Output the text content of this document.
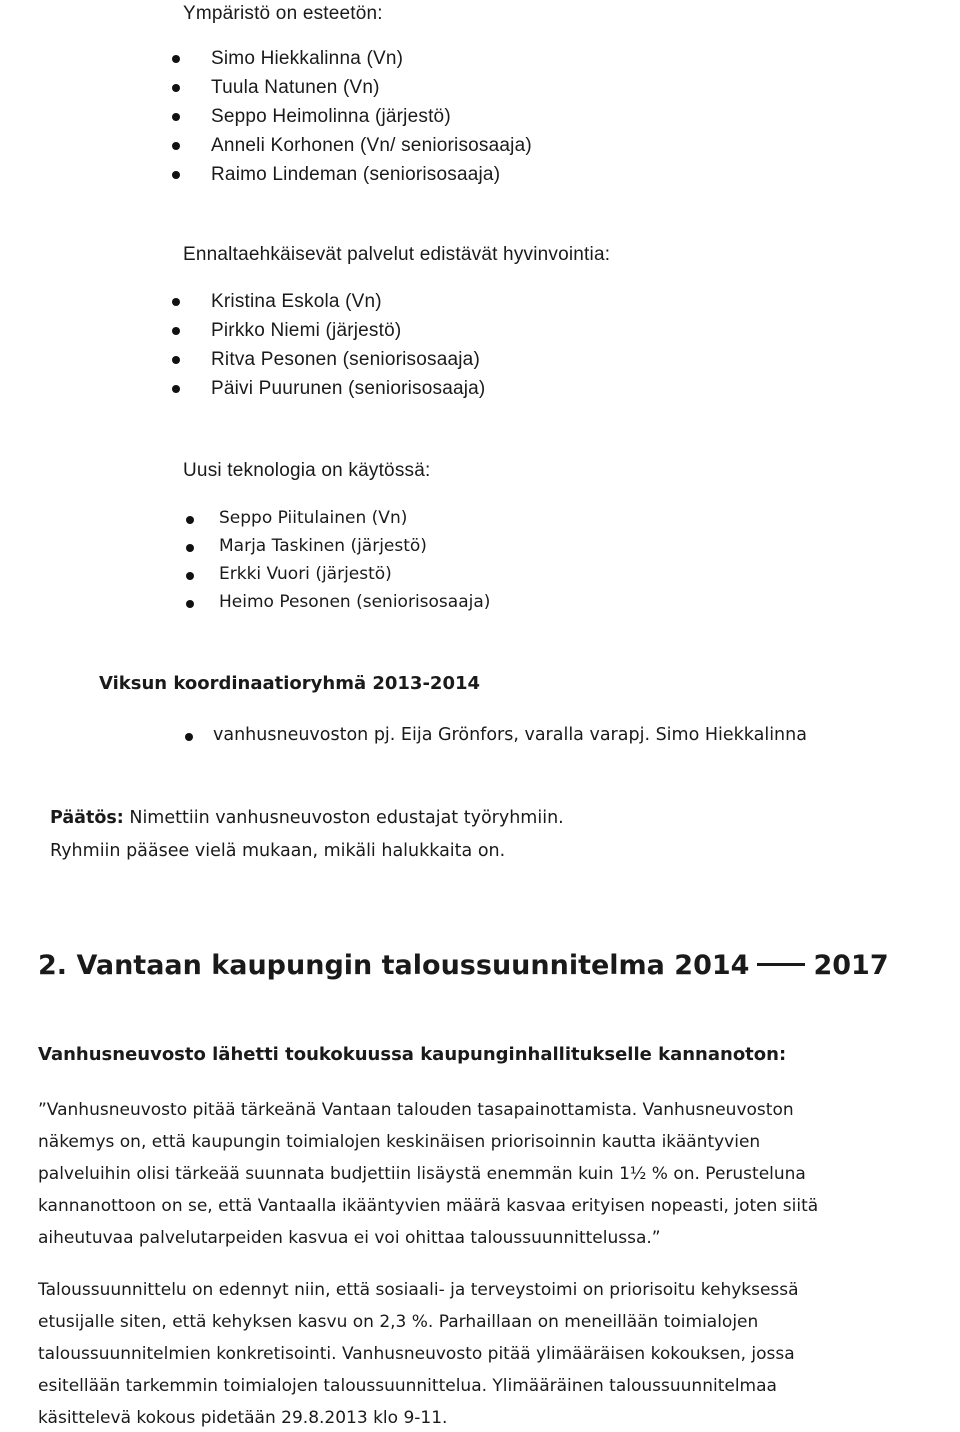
Ympäristö on esteetön:
Simo Hiekkalinna (Vn)
Tuula Natunen (Vn)
Seppo Heimolinna (järjestö)
Anneli Korhonen (Vn/ seniorisosaaja)
Raimo Lindeman (seniorisosaaja)
Ennaltaehkäisevät palvelut edistävät hyvinvointia:
Kristina Eskola (Vn)
Pirkko Niemi (järjestö)
Ritva Pesonen (seniorisosaaja)
Päivi Puurunen (seniorisosaaja)
Uusi teknologia on käytössä:
Seppo Piitulainen (Vn)
Marja Taskinen (järjestö)
Erkki Vuori (järjestö)
Heimo Pesonen (seniorisosaaja)
Viksun koordinaatioryhmä 2013-2014
vanhusneuvoston pj. Eija Grönfors, varalla varapj. Simo Hiekkalinna
Päätös: Nimettiin vanhusneuvoston edustajat työryhmiin.
Ryhmiin pääsee vielä mukaan, mikäli halukkaita on.
2. Vantaan kaupungin taloussuunnitelma 2014 2017
Vanhusneuvosto lähetti toukokuussa kaupunginhallitukselle kannanoton:
”Vanhusneuvosto pitää tärkeänä Vantaan talouden tasapainottamista. Vanhusneuvoston
näkemys on, että kaupungin toimialojen keskinäisen priorisoinnin kautta ikääntyvien
palveluihin olisi tärkeää suunnata budjettiin lisäystä enemmän kuin 1½ % on. Perusteluna
kannanottoon on se, että Vantaalla ikääntyvien määrä kasvaa erityisen nopeasti, joten siitä
aiheutuvaa palvelutarpeiden kasvua ei voi ohittaa taloussuunnittelussa.”
Taloussuunnittelu on edennyt niin, että sosiaali- ja terveystoimi on priorisoitu kehyksessä
etusijalle siten, että kehyksen kasvu on 2,3 %. Parhaillaan on meneillään toimialojen
taloussuunnitelmien konkretisointi. Vanhusneuvosto pitää ylimääräisen kokouksen, jossa
esitellään tarkemmin toimialojen taloussuunnittelua. Ylimääräinen taloussuunnitelmaa
käsittelevä kokous pidetään 29.8.2013 klo 9-11.
